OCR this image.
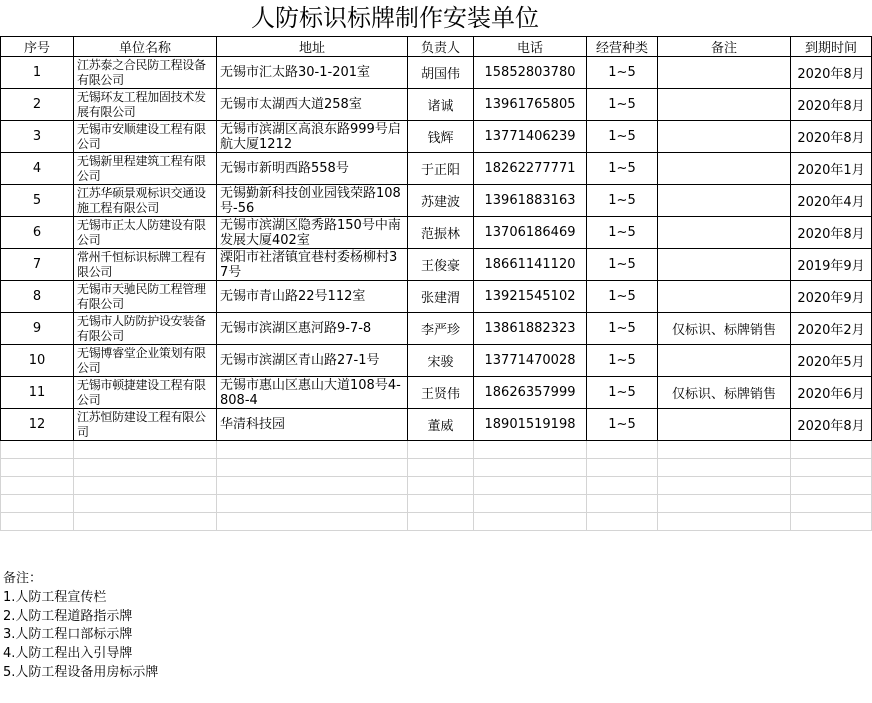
人防标识标牌制作安装单位
序号	单位名称	地址	负责人	电话	经营种类	备注	到期时间
1	江苏泰之合民防工程设备有限公司	无锡市汇太路30-1-201室	胡国伟	15852803780	1~5		2020年8月
2	无锡环友工程加固技术发展有限公司	无锡市太湖西大道258室	诸诚	13961765805	1~5		2020年8月
3	无锡市安顺建设工程有限公司	无锡市滨湖区高浪东路999号启航大厦1212	钱辉	13771406239	1~5		2020年8月
4	无锡新里程建筑工程有限公司	无锡市新明西路558号	于正阳	18262277771	1~5		2020年1月
5	江苏华硕景观标识交通设施工程有限公司	无锡勤新科技创业园钱荣路108号-56	苏建波	13961883163	1~5		2020年4月
6	无锡市正太人防建设有限公司	无锡市滨湖区隐秀路150号中南发展大厦402室	范振林	13706186469	1~5		2020年8月
7	常州千恒标识标牌工程有限公司	溧阳市社渚镇宜巷村委杨柳村37号	王俊豪	18661141120	1~5		2019年9月
8	无锡市天驰民防工程管理有限公司	无锡市青山路22号112室	张建渭	13921545102	1~5		2020年9月
9	无锡市人防防护设安装备有限公司	无锡市滨湖区惠河路9-7-8	李严珍	13861882323	1~5	仅标识、标牌销售	2020年2月
10	无锡博睿堂企业策划有限公司	无锡市滨湖区青山路27-1号	宋骏	13771470028	1~5		2020年5月
11	无锡市顿捷建设工程有限公司	无锡市惠山区惠山大道108号4-808-4	王贤伟	18626357999	1~5	仅标识、标牌销售	2020年6月
12	江苏恒防建设工程有限公司	华清科技园	董威	18901519198	1~5		2020年8月

备注：
1.人防工程宣传栏
2.人防工程道路指示牌
3.人防工程口部标示牌
4.人防工程出入引导牌
5.人防工程设备用房标示牌
